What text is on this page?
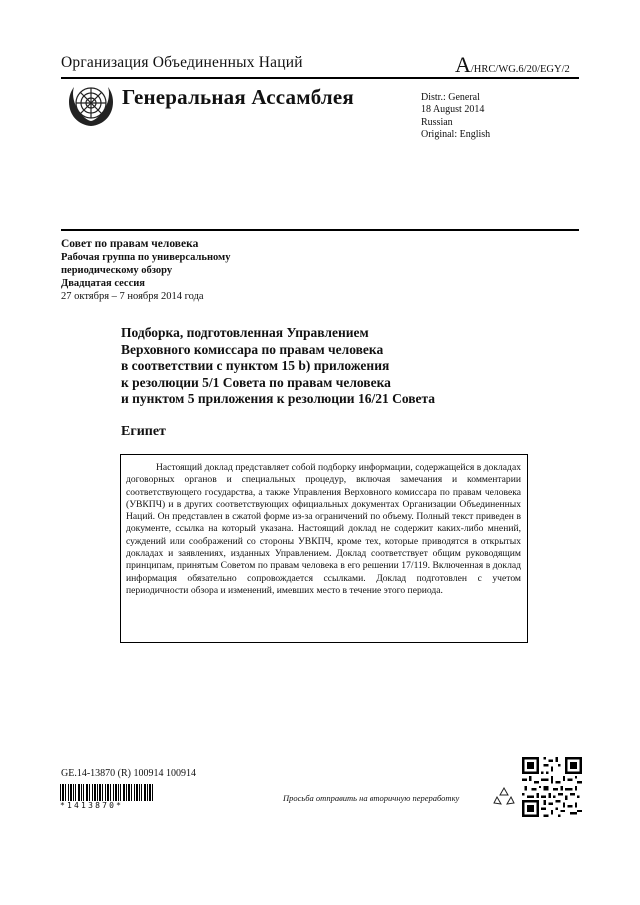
Организация Объединенных Наций	A/HRC/WG.6/20/EGY/2
Генеральная Ассамблея	Distr.: General
18 August 2014
Russian
Original: English
Совет по правам человека
Рабочая группа по универсальному
периодическому обзору
Двадцатая сессия
27 октября – 7 ноября 2014 года
Подборка, подготовленная Управлением
Верховного комиссара по правам человека
в соответствии с пунктом 15 b) приложения
к резолюции 5/1 Совета по правам человека
и пунктом 5 приложения к резолюции 16/21 Совета
Египет

Настоящий доклад представляет собой подборку информации, содержащейся в докладах договорных органов и специальных процедур, включая замечания и комментарии соответствующего государства, а также Управления Верховного комиссара по правам человека (УВКПЧ) и в других соответствующих официальных документах Организации Объединенных Наций. Он представлен в сжатой форме из-за ограничений по объему. Полный текст приведен в документе, ссылка на который указана. Настоящий доклад не содержит каких-либо мнений, суждений или соображений со стороны УВКПЧ, кроме тех, которые приводятся в открытых докладах и заявлениях, изданных Управлением. Доклад соответствует общим руководящим принципам, принятым Советом по правам человека в его решении 17/119. Включенная в доклад информация обязательно сопровождается ссылками. Доклад подготовлен с учетом периодичности обзора и изменений, имевших место в течение этого периода.

GE.14-13870 (R) 100914 100914
*1413870*
Просьба отправить на вторичную переработку
